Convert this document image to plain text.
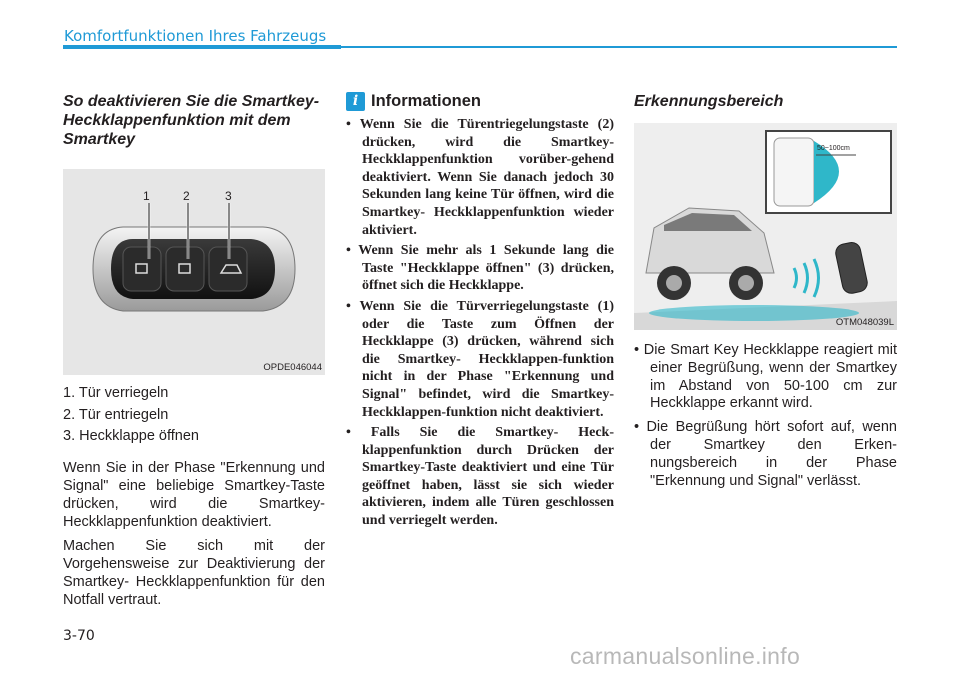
Komfortfunktionen Ihres Fahrzeugs
So deaktivieren Sie die Smartkey- Heckklappenfunktion mit dem Smartkey
1	2	3
OPDE046044
1. Tür verriegeln
2. Tür entriegeln
3. Heckklappe öffnen

Wenn Sie in der Phase "Erkennung und Signal" eine beliebige Smartkey-Taste drücken, wird die Smartkey-Heckklappenfunktion deaktiviert.

Machen Sie sich mit der Vorgehensweise zur Deaktivierung der Smartkey- Heckklappenfunktion für den Notfall vertraut.

i Informationen
• Wenn Sie die Türentriegelungstaste (2) drücken, wird die Smartkey-Heckklappenfunktion vorüber-gehend deaktiviert. Wenn Sie danach jedoch 30 Sekunden lang keine Tür öffnen, wird die Smartkey- Heckklappenfunktion wieder aktiviert.
• Wenn Sie mehr als 1 Sekunde lang die Taste "Heckklappe öffnen" (3) drücken, öffnet sich die Heckklappe.
• Wenn Sie die Türverriegelungstaste (1) oder die Taste zum Öffnen der Heckklappe (3) drücken, während sich die Smartkey- Heckklappen-funktion nicht in der Phase "Erkennung und Signal" befindet, wird die Smartkey- Heckklappen-funktion nicht deaktiviert.
• Falls Sie die Smartkey- Heck-klappenfunktion durch Drücken der Smartkey-Taste deaktiviert und eine Tür geöffnet haben, lässt sie sich wieder aktivieren, indem alle Türen geschlossen und verriegelt werden.
Erkennungsbereich
50~100cm
OTM048039L
• Die Smart Key Heckklappe reagiert mit einer Begrüßung, wenn der Smartkey im Abstand von 50-100 cm zur Heckklappe erkannt wird.
• Die Begrüßung hört sofort auf, wenn der Smartkey den Erken-nungsbereich in der Phase "Erkennung und Signal" verlässt.
3-70
carmanualsonline.info
